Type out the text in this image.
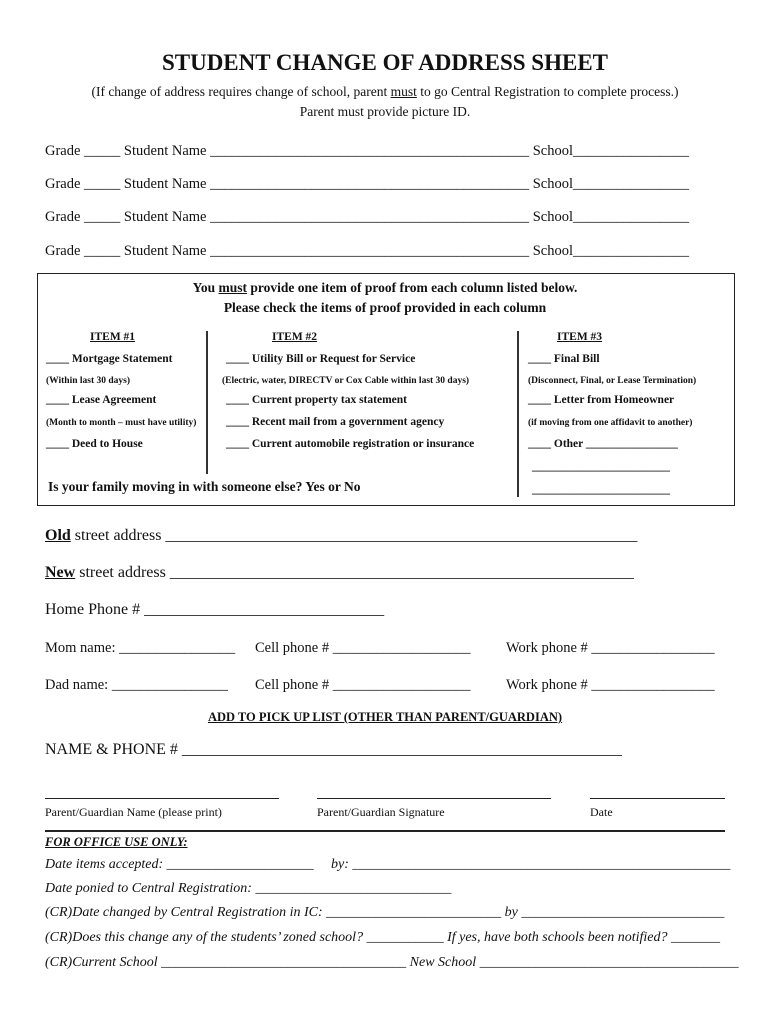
STUDENT CHANGE OF ADDRESS SHEET
(If change of address requires change of school, parent must to go Central Registration to complete process.)
Parent must provide picture ID.
Grade _____ Student Name ____________________________________________ School________________
Grade _____ Student Name ____________________________________________ School________________
Grade _____ Student Name ____________________________________________ School________________
Grade _____ Student Name ____________________________________________ School________________
You must provide one item of proof from each column listed below.
Please check the items of proof provided in each column
ITEM #1
____ Mortgage Statement
(Within last 30 days)
____ Lease Agreement
(Month to month – must have utility)
____ Deed to House
ITEM #2
____ Utility Bill or Request for Service
(Electric, water, DIRECTV or Cox Cable within last 30 days)
____ Current property tax statement
____ Recent mail from a government agency
____ Current automobile registration or insurance
ITEM #3
____ Final Bill
(Disconnect, Final, or Lease Termination)
____ Letter from Homeowner
(if moving from one affidavit to another)
____ Other ________________
________________________
________________________
Is your family moving in with someone else? Yes or No
Old street address ___________________________________________________________
New street address __________________________________________________________
Home Phone # ______________________________
Mom name: ________________ Cell phone # ___________________ Work phone # _________________
Dad name: ________________ Cell phone # ___________________ Work phone # _________________
ADD TO PICK UP LIST (OTHER THAN PARENT/GUARDIAN)
NAME & PHONE # _______________________________________________________
Parent/Guardian Name (please print)	Parent/Guardian Signature	Date
FOR OFFICE USE ONLY:
Date items accepted: _____________________ by: ______________________________________________________
Date ponied to Central Registration: ____________________________
(CR)Date changed by Central Registration in IC: _________________________ by _____________________________
(CR)Does this change any of the students’ zoned school? ___________ If yes, have both schools been notified? _______
(CR)Current School ___________________________________ New School _____________________________________
